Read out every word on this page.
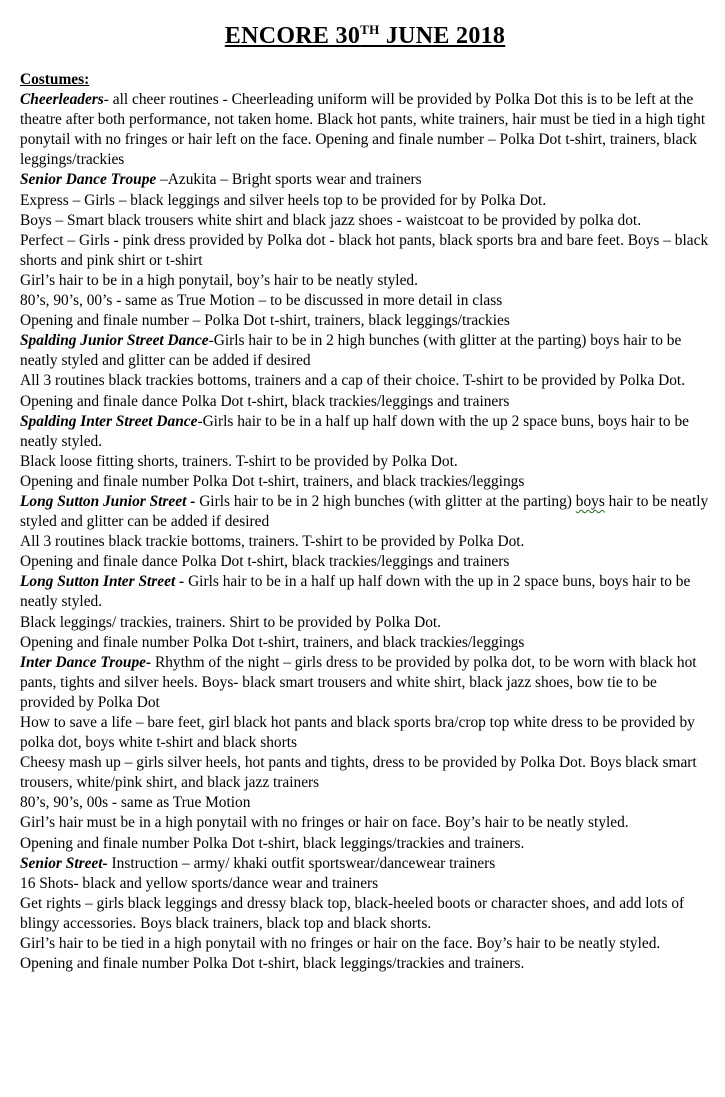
ENCORE 30TH JUNE 2018
Costumes:

Cheerleaders- all cheer routines - Cheerleading uniform will be provided by Polka Dot this is to be left at the theatre after both performance, not taken home. Black hot pants, white trainers, hair must be tied in a high tight ponytail with no fringes or hair left on the face. Opening and finale number – Polka Dot t-shirt, trainers, black leggings/trackies

Senior Dance Troupe –Azukita – Bright sports wear and trainers

Express – Girls – black leggings and silver heels top to be provided for by Polka Dot.

Boys – Smart black trousers white shirt and black jazz shoes - waistcoat to be provided by polka dot.

Perfect – Girls - pink dress provided by Polka dot - black hot pants, black sports bra and bare feet. Boys – black shorts and pink shirt or t-shirt

Girl’s hair to be in a high ponytail, boy’s hair to be neatly styled.

80’s, 90’s, 00’s - same as True Motion – to be discussed in more detail in class

Opening and finale number – Polka Dot t-shirt, trainers, black leggings/trackies

Spalding Junior Street Dance-Girls hair to be in 2 high bunches (with glitter at the parting) boys hair to be neatly styled and glitter can be added if desired

All 3 routines black trackies bottoms, trainers and a cap of their choice. T-shirt to be provided by Polka Dot. Opening and finale dance Polka Dot t-shirt, black trackies/leggings and trainers

Spalding Inter Street Dance-Girls hair to be in a half up half down with the up 2 space buns, boys hair to be neatly styled.

Black loose fitting shorts, trainers. T-shirt to be provided by Polka Dot.

Opening and finale number Polka Dot t-shirt, trainers, and black trackies/leggings

Long Sutton Junior Street - Girls hair to be in 2 high bunches (with glitter at the parting) boys hair to be neatly styled and glitter can be added if desired

All 3 routines black trackie bottoms, trainers. T-shirt to be provided by Polka Dot.

Opening and finale dance Polka Dot t-shirt, black trackies/leggings and trainers

Long Sutton Inter Street - Girls hair to be in a half up half down with the up in 2 space buns, boys hair to be neatly styled.

Black leggings/ trackies, trainers. Shirt to be provided by Polka Dot.

Opening and finale number Polka Dot t-shirt, trainers, and black trackies/leggings

Inter Dance Troupe- Rhythm of the night – girls dress to be provided by polka dot, to be worn with black hot pants, tights and silver heels. Boys- black smart trousers and white shirt, black jazz shoes, bow tie to be provided by Polka Dot

How to save a life – bare feet, girl black hot pants and black sports bra/crop top white dress to be provided by polka dot, boys white t-shirt and black shorts

Cheesy mash up – girls silver heels, hot pants and tights, dress to be provided by Polka Dot. Boys black smart trousers, white/pink shirt, and black jazz trainers

80’s, 90’s, 00s - same as True Motion

Girl’s hair must be in a high ponytail with no fringes or hair on face. Boy’s hair to be neatly styled.

Opening and finale number Polka Dot t-shirt, black leggings/trackies and trainers.

Senior Street- Instruction – army/ khaki outfit sportswear/dancewear trainers

16 Shots- black and yellow sports/dance wear and trainers

Get rights – girls black leggings and dressy black top, black-heeled boots or character shoes, and add lots of blingy accessories. Boys black trainers, black top and black shorts.

Girl’s hair to be tied in a high ponytail with no fringes or hair on the face. Boy’s hair to be neatly styled.

Opening and finale number Polka Dot t-shirt, black leggings/trackies and trainers.
